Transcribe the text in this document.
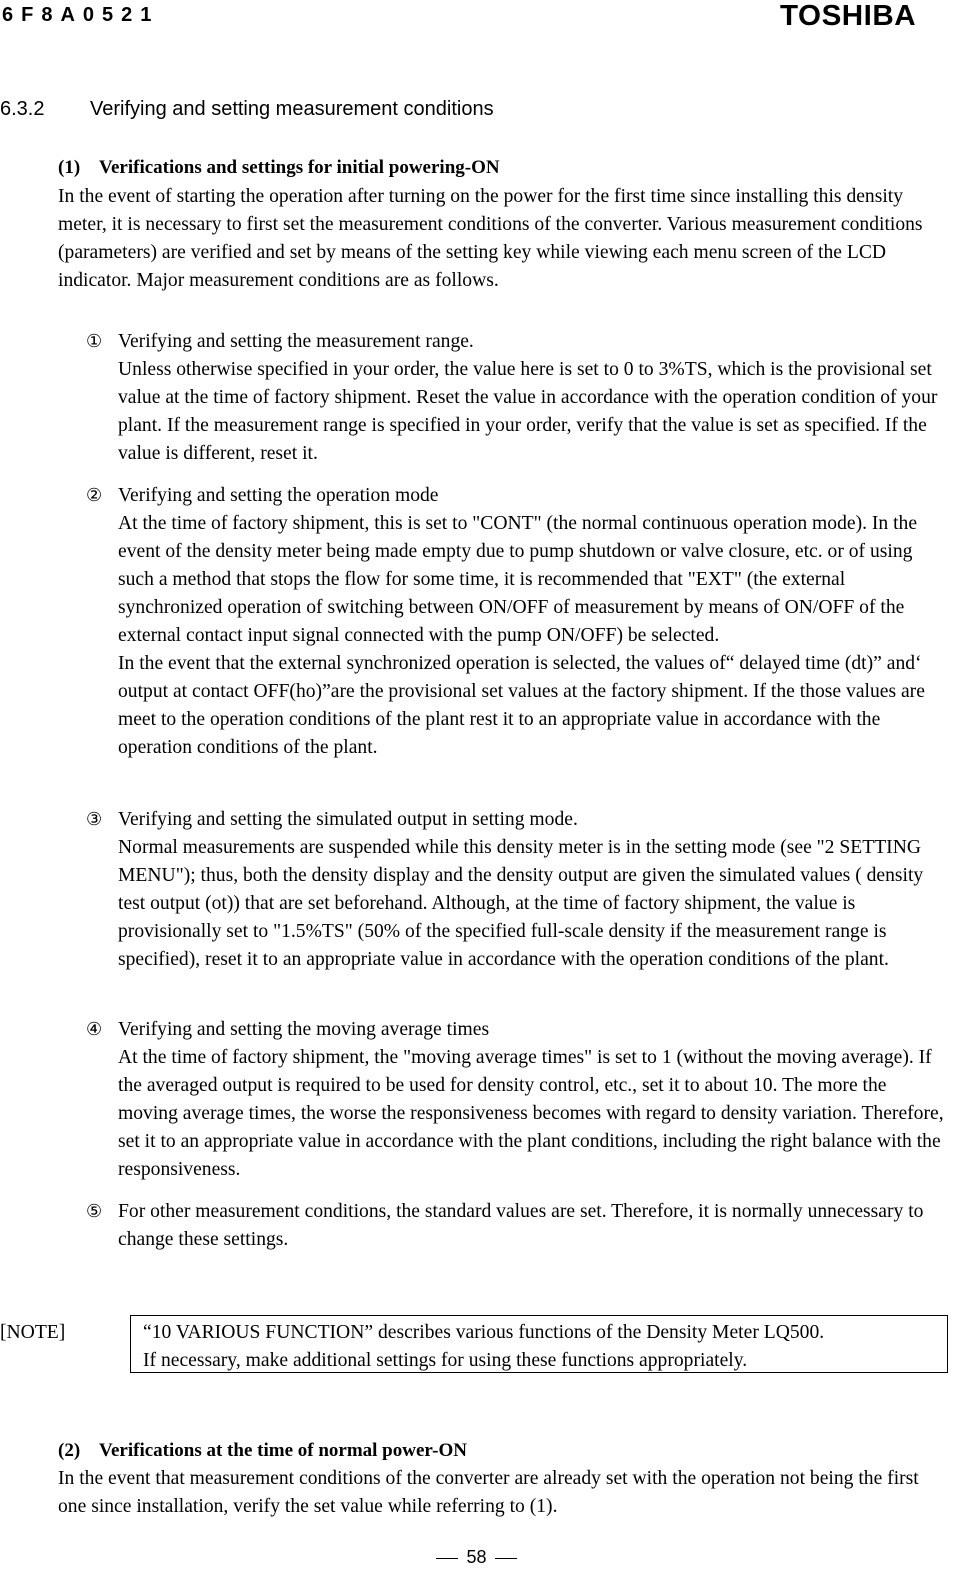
6F8A0521	TOSHIBA
6.3.2 Verifying and setting measurement conditions
(1) Verifications and settings for initial powering-ON
In the event of starting the operation after turning on the power for the first time since installing this density meter, it is necessary to first set the measurement conditions of the converter. Various measurement conditions (parameters) are verified and set by means of the setting key while viewing each menu screen of the LCD indicator. Major measurement conditions are as follows.
① Verifying and setting the measurement range.

Unless otherwise specified in your order, the value here is set to 0 to 3%TS, which is the provisional set value at the time of factory shipment. Reset the value in accordance with the operation condition of your plant. If the measurement range is specified in your order, verify that the value is set as specified. If the value is different, reset it.

② Verifying and setting the operation mode

At the time of factory shipment, this is set to "CONT" (the normal continuous operation mode). In the event of the density meter being made empty due to pump shutdown or valve closure, etc. or of using such a method that stops the flow for some time, it is recommended that "EXT" (the external synchronized operation of switching between ON/OFF of measurement by means of ON/OFF of the external contact input signal connected with the pump ON/OFF) be selected.

In the event that the external synchronized operation is selected, the values of“ delayed time (dt)” and‘ output at contact OFF(ho)”are the provisional set values at the factory shipment. If the those values are meet to the operation conditions of the plant rest it to an appropriate value in accordance with the operation conditions of the plant.

③ Verifying and setting the simulated output in setting mode.

Normal measurements are suspended while this density meter is in the setting mode (see "2 SETTING MENU"); thus, both the density display and the density output are given the simulated values ( density test output (ot)) that are set beforehand. Although, at the time of factory shipment, the value is provisionally set to "1.5%TS" (50% of the specified full-scale density if the measurement range is specified), reset it to an appropriate value in accordance with the operation conditions of the plant.

④ Verifying and setting the moving average times

At the time of factory shipment, the "moving average times" is set to 1 (without the moving average). If the averaged output is required to be used for density control, etc., set it to about 10. The more the moving average times, the worse the responsiveness becomes with regard to density variation. Therefore, set it to an appropriate value in accordance with the plant conditions, including the right balance with the responsiveness.

⑤ For other measurement conditions, the standard values are set. Therefore, it is normally unnecessary to change these settings.

[NOTE]	“10 VARIOUS FUNCTION” describes various functions of the Density Meter LQ500.

If necessary, make additional settings for using these functions appropriately.

(2) Verifications at the time of normal power-ON
In the event that measurement conditions of the converter are already set with the operation not being the first one since installation, verify the set value while referring to (1).
58
